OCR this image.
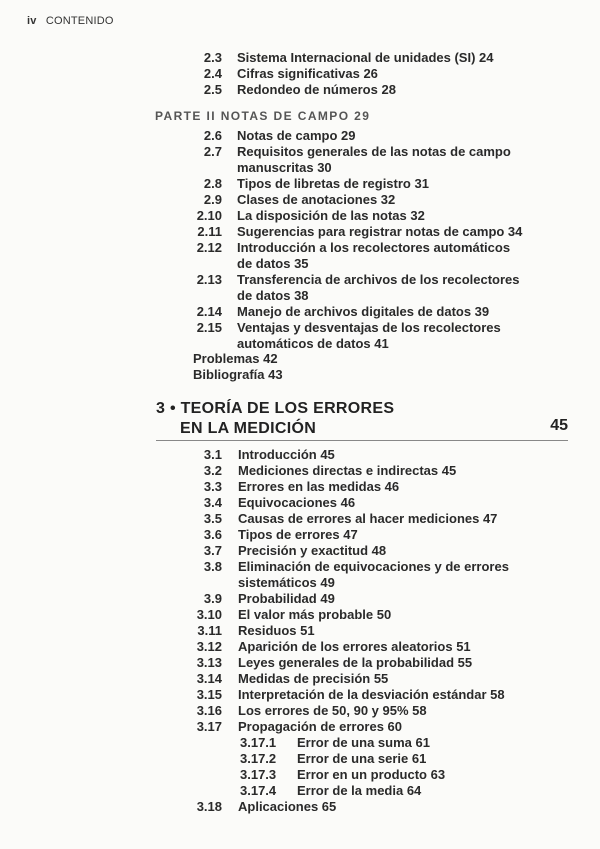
iv CONTENIDO
2.3 Sistema Internacional de unidades (SI) 24
2.4 Cifras significativas 26
2.5 Redondeo de números 28
PARTE II NOTAS DE CAMPO 29
2.6 Notas de campo 29
2.7 Requisitos generales de las notas de campo
manuscritas 30
2.8 Tipos de libretas de registro 31
2.9 Clases de anotaciones 32
2.10 La disposición de las notas 32
2.11 Sugerencias para registrar notas de campo 34
2.12 Introducción a los recolectores automáticos
de datos 35
2.13 Transferencia de archivos de los recolectores
de datos 38
2.14 Manejo de archivos digitales de datos 39
2.15 Ventajas y desventajas de los recolectores
automáticos de datos 41
Problemas 42
Bibliografía 43
3 • TEORÍA DE LOS ERRORES
EN LA MEDICIÓN	45
3.1 Introducción 45
3.2 Mediciones directas e indirectas 45
3.3 Errores en las medidas 46
3.4 Equivocaciones 46
3.5 Causas de errores al hacer mediciones 47
3.6 Tipos de errores 47
3.7 Precisión y exactitud 48
3.8 Eliminación de equivocaciones y de errores
sistemáticos 49
3.9 Probabilidad 49
3.10 El valor más probable 50
3.11 Residuos 51
3.12 Aparición de los errores aleatorios 51
3.13 Leyes generales de la probabilidad 55
3.14 Medidas de precisión 55
3.15 Interpretación de la desviación estándar 58
3.16 Los errores de 50, 90 y 95% 58
3.17 Propagación de errores 60
3.17.1 Error de una suma 61
3.17.2 Error de una serie 61
3.17.3 Error en un producto 63
3.17.4 Error de la media 64
3.18 Aplicaciones 65
